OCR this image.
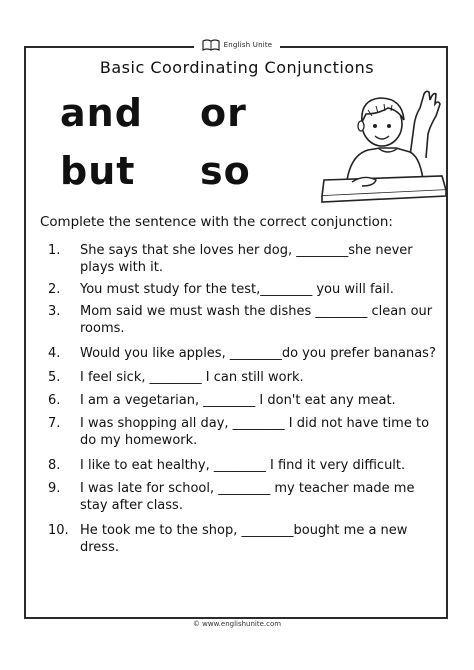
English Unite
Basic Coordinating Conjunctions
and or
but so
Complete the sentence with the correct conjunction:
1.	She says that she loves her dog, ________she never plays with it.
2.	You must study for the test,________ you will fail.
3.	Mom said we must wash the dishes ________ clean our rooms.
4.	Would you like apples, ________do you prefer bananas?
5.	I feel sick, ________ I can still work.
6.	I am a vegetarian, ________ I don't eat any meat.
7.	I was shopping all day, ________ I did not have time to do my homework.
8.	I like to eat healthy, ________ I find it very difficult.
9.	I was late for school, ________ my teacher made me stay after class.
10. He took me to the shop, ________bought me a new dress.
© www.englishunite.com
